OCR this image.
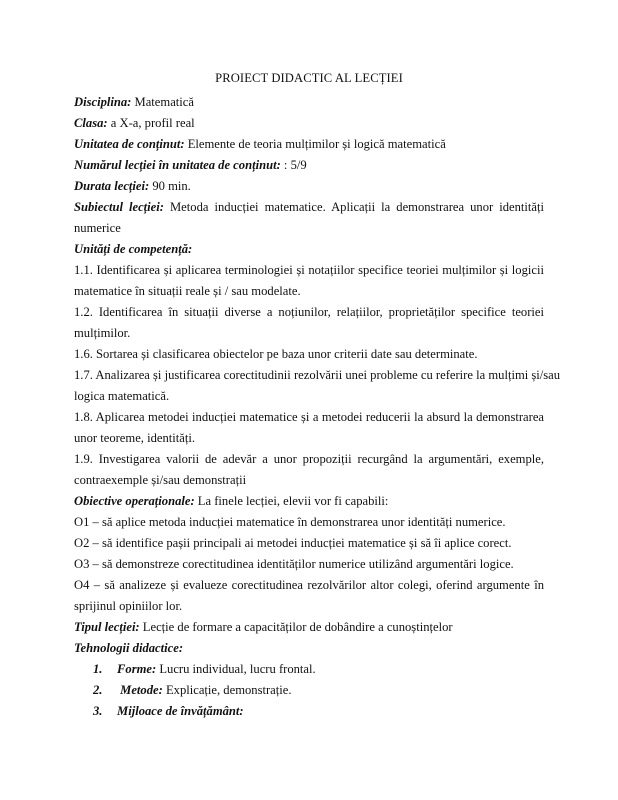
PROIECT DIDACTIC AL LECȚIEI
Disciplina: Matematică
Clasa: a X-a, profil real
Unitatea de conținut: Elemente de teoria mulțimilor și logică matematică
Numărul lecției în unitatea de conținut: : 5/9
Durata lecției: 90 min.
Subiectul lecției: Metoda inducției matematice. Aplicații la demonstrarea unor identități
numerice
Unități de competență:
1.1. Identificarea și aplicarea terminologiei și notațiilor specifice teoriei mulțimilor și logicii
matematice în situații reale și / sau modelate.
1.2. Identificarea în situații diverse a noțiunilor, relațiilor, proprietăților specifice teoriei
mulțimilor.
1.6. Sortarea și clasificarea obiectelor pe baza unor criterii date sau determinate.
1.7. Analizarea și justificarea corectitudinii rezolvării unei probleme cu referire la mulțimi și/sau
logica matematică.
1.8. Aplicarea metodei inducției matematice și a metodei reducerii la absurd la demonstrarea
unor teoreme, identități.
1.9. Investigarea valorii de adevăr a unor propoziții recurgând la argumentări, exemple,
contraexemple și/sau demonstrații
Obiective operaționale: La finele lecției, elevii vor fi capabili:
O1 – să aplice metoda inducției matematice în demonstrarea unor identități numerice.
O2 – să identifice pașii principali ai metodei inducției matematice și să îi aplice corect.
O3 – să demonstreze corectitudinea identităților numerice utilizând argumentări logice.
O4 – să analizeze și evalueze corectitudinea rezolvărilor altor colegi, oferind argumente în
sprijinul opiniilor lor.
Tipul lecției: Lecție de formare a capacităților de dobândire a cunoștințelor
Tehnologii didactice:
1. Forme: Lucru individual, lucru frontal.
2. Metode: Explicație, demonstrație.
3. Mijloace de învățământ:
